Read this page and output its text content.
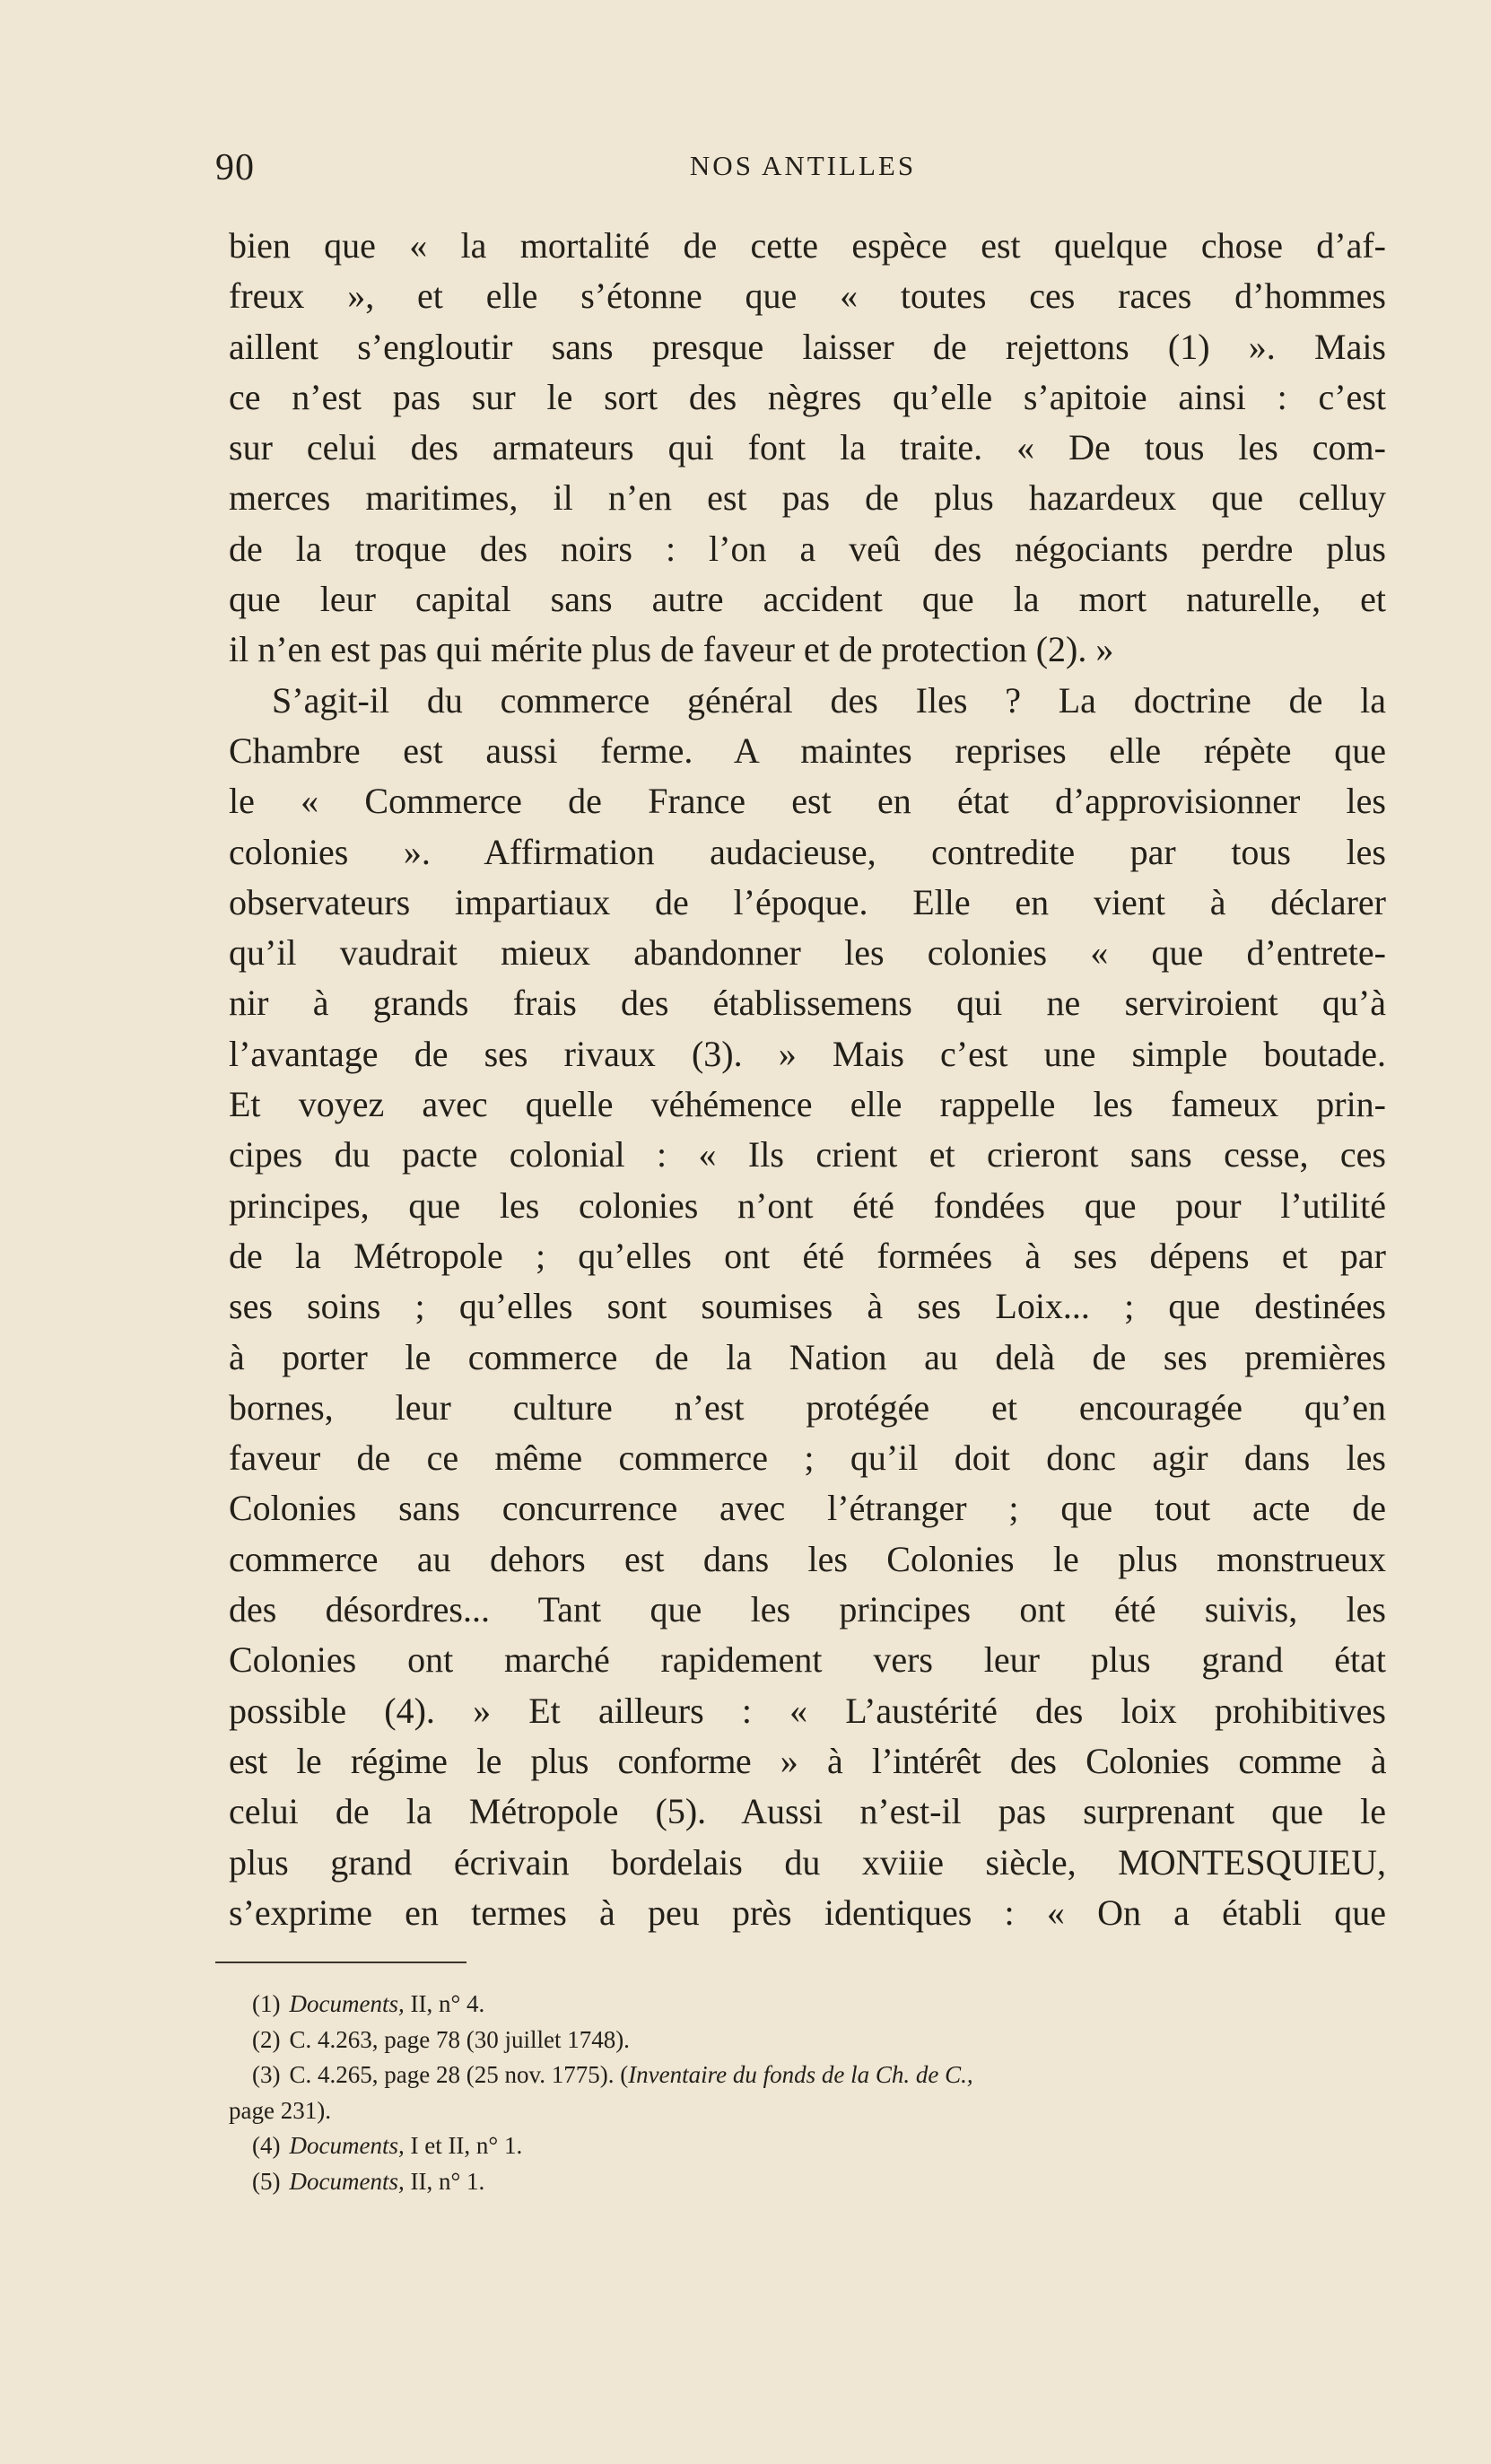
90	NOS ANTILLES
bien que « la mortalité de cette espèce est quelque chose d’af-
freux », et elle s’étonne que « toutes ces races d’hommes
aillent s’engloutir sans presque laisser de rejettons (1) ». Mais
ce n’est pas sur le sort des nègres qu’elle s’apitoie ainsi : c’est
sur celui des armateurs qui font la traite. « De tous les com-
merces maritimes, il n’en est pas de plus hazardeux que celluy
de la troque des noirs : l’on a veû des négociants perdre plus
que leur capital sans autre accident que la mort naturelle, et
il n’en est pas qui mérite plus de faveur et de protection (2). »
S’agit-il du commerce général des Iles ? La doctrine de la
Chambre est aussi ferme. A maintes reprises elle répète que
le « Commerce de France est en état d’approvisionner les
colonies ». Affirmation audacieuse, contredite par tous les
observateurs impartiaux de l’époque. Elle en vient à déclarer
qu’il vaudrait mieux abandonner les colonies « que d’entrete-
nir à grands frais des établissemens qui ne serviroient qu’à
l’avantage de ses rivaux (3). » Mais c’est une simple boutade.
Et voyez avec quelle véhémence elle rappelle les fameux prin-
cipes du pacte colonial : « Ils crient et crieront sans cesse, ces
principes, que les colonies n’ont été fondées que pour l’utilité
de la Métropole ; qu’elles ont été formées à ses dépens et par
ses soins ; qu’elles sont soumises à ses Loix... ; que destinées
à porter le commerce de la Nation au delà de ses premières
bornes, leur culture n’est protégée et encouragée qu’en
faveur de ce même commerce ; qu’il doit donc agir dans les
Colonies sans concurrence avec l’étranger ; que tout acte de
commerce au dehors est dans les Colonies le plus monstrueux
des désordres... Tant que les principes ont été suivis, les
Colonies ont marché rapidement vers leur plus grand état
possible (4). » Et ailleurs : « L’austérité des loix prohibitives
est le régime le plus conforme » à l’intérêt des Colonies comme à
celui de la Métropole (5). Aussi n’est-il pas surprenant que le
plus grand écrivain bordelais du xviiie siècle, MONTESQUIEU,
s’exprime en termes à peu près identiques : « On a établi que
(1) Documents, II, n° 4.
(2) C. 4.263, page 78 (30 juillet 1748).
(3) C. 4.265, page 28 (25 nov. 1775). (Inventaire du fonds de la Ch. de C.,
page 231).
(4) Documents, I et II, n° 1.
(5) Documents, II, n° 1.
